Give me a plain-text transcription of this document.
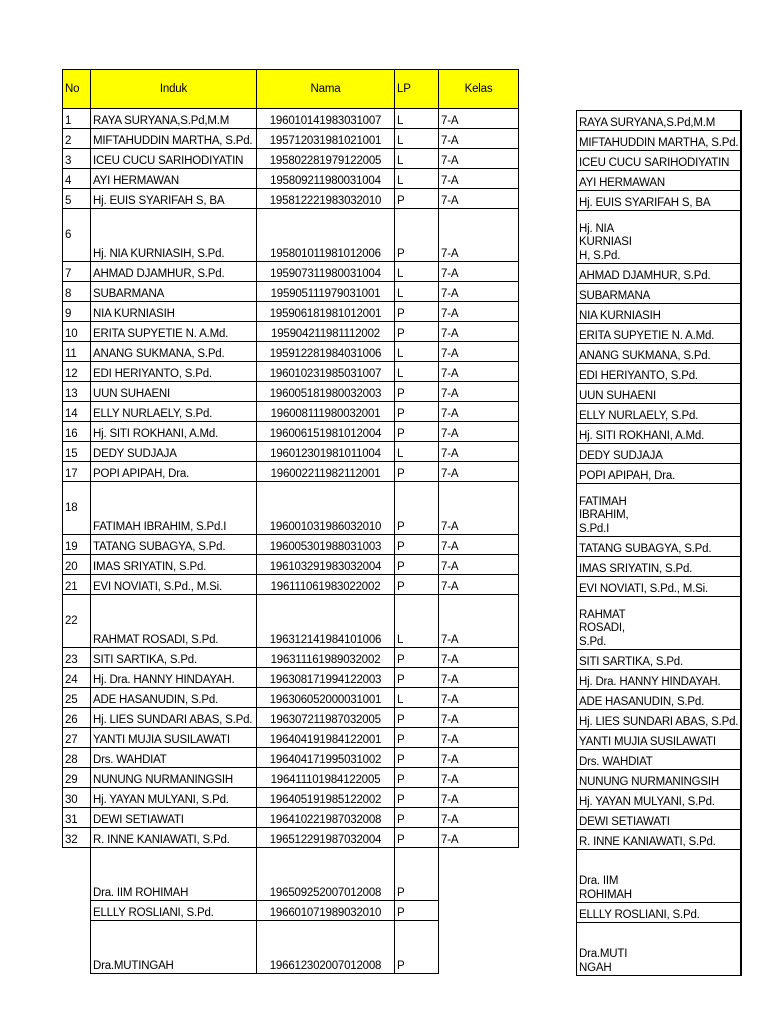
No	Induk	Nama	LP	Kelas
1	RAYA SURYANA,S.Pd,M.M	196010141983031007	L	7-A
2	MIFTAHUDDIN MARTHA, S.Pd.	195712031981021001	L	7-A
3	ICEU CUCU SARIHODIYATIN	195802281979122005	L	7-A
4	AYI HERMAWAN	195809211980031004	L	7-A
5	Hj. EUIS SYARIFAH S, BA	195812221983032010	P	7-A
6	Hj. NIA KURNIASIH, S.Pd.	195801011981012006	P	7-A
7	AHMAD DJAMHUR, S.Pd.	195907311980031004	L	7-A
8	SUBARMANA	195905111979031001	L	7-A
9	NIA KURNIASIH	195906181981012001	P	7-A
10	ERITA SUPYETIE N. A.Md.	195904211981112002	P	7-A
11	ANANG SUKMANA, S.Pd.	195912281984031006	L	7-A
12	EDI HERIYANTO, S.Pd.	196010231985031007	L	7-A
13	UUN SUHAENI	196005181980032003	P	7-A
14	ELLY NURLAELY, S.Pd.	196008111980032001	P	7-A
16	Hj. SITI ROKHANI, A.Md.	196006151981012004	P	7-A
15	DEDY SUDJAJA	196012301981011004	L	7-A
17	POPI APIPAH, Dra.	196002211982112001	P	7-A
18	FATIMAH IBRAHIM, S.Pd.I	196001031986032010	P	7-A
19	TATANG SUBAGYA, S.Pd.	196005301988031003	P	7-A
20	IMAS SRIYATIN, S.Pd.	196103291983032004	P	7-A
21	EVI NOVIATI, S.Pd., M.Si.	196111061983022002	P	7-A
22	RAHMAT ROSADI, S.Pd.	196312141984101006	L	7-A
23	SITI SARTIKA, S.Pd.	196311161989032002	P	7-A
24	Hj. Dra. HANNY HINDAYAH.	196308171994122003	P	7-A
25	ADE HASANUDIN, S.Pd.	196306052000031001	L	7-A
26	Hj. LIES SUNDARI ABAS, S.Pd.	196307211987032005	P	7-A
27	YANTI MUJIA SUSILAWATI	196404191984122001	P	7-A
28	Drs. WAHDIAT	196404171995031002	P	7-A
29	NUNUNG NURMANINGSIH	196411101984122005	P	7-A
30	Hj. YAYAN MULYANI, S.Pd.	196405191985122002	P	7-A
31	DEWI SETIAWATI	196410221987032008	P	7-A
32	R. INNE KANIAWATI, S.Pd.	196512291987032004	P	7-A
	Dra. IIM ROHIMAH	196509252007012008	P	
	ELLLY ROSLIANI, S.Pd.	196601071989032010	P	
	Dra.MUTINGAH	196612302007012008	P	
RAYA SURYANA,S.Pd,M.M

MIFTAHUDDIN MARTHA, S.Pd.

ICEU CUCU SARIHODIYATIN

AYI HERMAWAN

Hj. EUIS SYARIFAH S, BA

Hj. NIA KURNIASI H, S.Pd.

AHMAD DJAMHUR, S.Pd.

SUBARMANA

NIA KURNIASIH

ERITA SUPYETIE N. A.Md.

ANANG SUKMANA, S.Pd.

EDI HERIYANTO, S.Pd.

UUN SUHAENI

ELLY NURLAELY, S.Pd.

Hj. SITI ROKHANI, A.Md.

DEDY SUDJAJA

POPI APIPAH, Dra.

FATIMAH IBRAHIM, S.Pd.I

TATANG SUBAGYA, S.Pd.

IMAS SRIYATIN, S.Pd.

EVI NOVIATI, S.Pd., M.Si.

RAHMAT ROSADI, S.Pd.

SITI SARTIKA, S.Pd.

Hj. Dra. HANNY HINDAYAH.

ADE HASANUDIN, S.Pd.

Hj. LIES SUNDARI ABAS, S.Pd.

YANTI MUJIA SUSILAWATI

Drs. WAHDIAT

NUNUNG NURMANINGSIH

Hj. YAYAN MULYANI, S.Pd.

DEWI SETIAWATI

R. INNE KANIAWATI, S.Pd.

Dra. IIM ROHIMAH

ELLLY ROSLIANI, S.Pd.

Dra.MUTI NGAH
